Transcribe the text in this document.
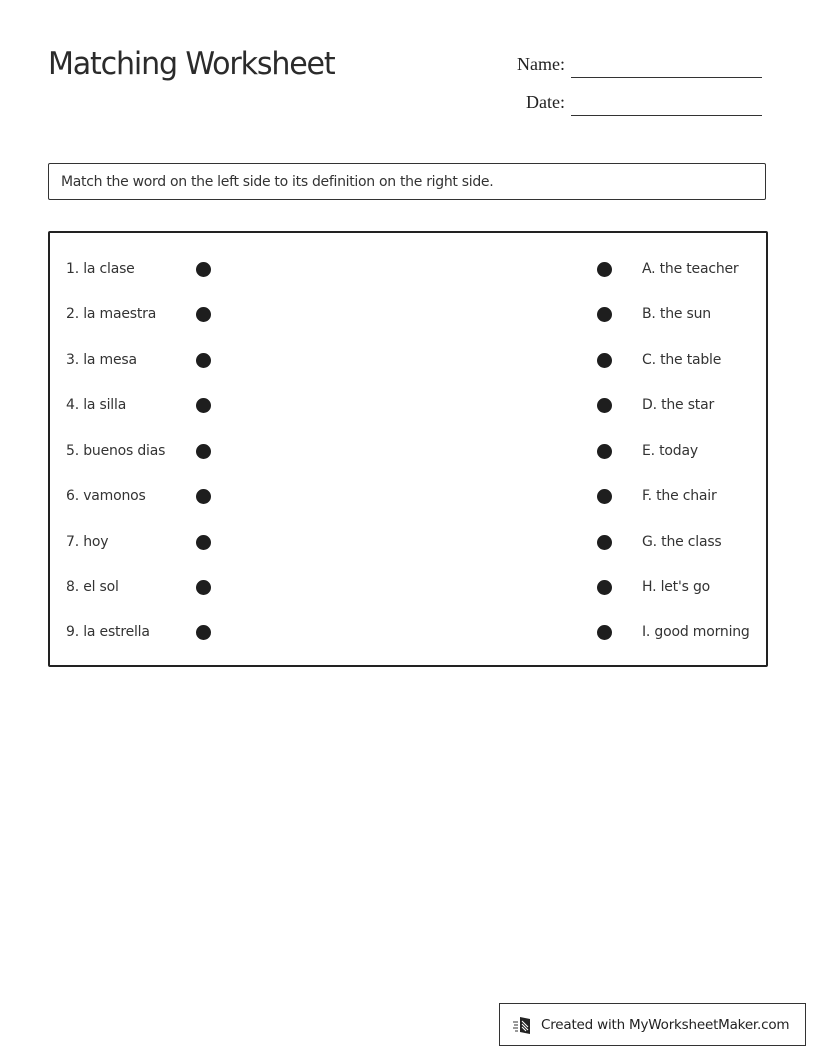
Matching Worksheet	Name:
Date:
Match the word on the left side to its definition on the right side.
1. la clase	A. the teacher
2. la maestra	B. the sun
3. la mesa	C. the table
4. la silla	D. the star
5. buenos dias	E. today
6. vamonos	F. the chair
7. hoy	G. the class
8. el sol	H. let's go
9. la estrella	I. good morning
Created with MyWorksheetMaker.com
